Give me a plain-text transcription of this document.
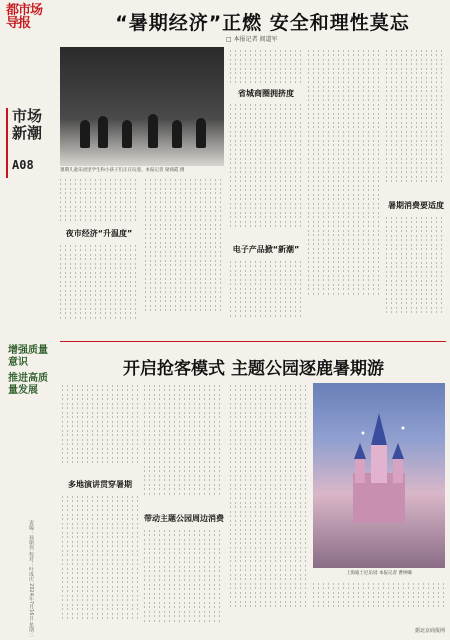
都市场导报
市场新潮
A08
增强质量意识
推进高质量发展
责编：孙朝伟 校对：叶成庆 2024年7月16日 星期二
“暑期经济”正燃 安全和理性莫忘
□ 本报记者 阎道军
暑期儿童乐园里学生和小孩子们正在玩耍。本报记者 梁商霞 摄
夜市经济“升温度”
省城商圈拥挤度
电子产品掀“新潮”
暑期消费要适度
开启抢客模式 主题公园逐鹿暑期游
多地演讲贯穿暑期
带动主题公园周边消费
上海迪士尼乐园 本报记者 曹钟曦
据北京商报网
